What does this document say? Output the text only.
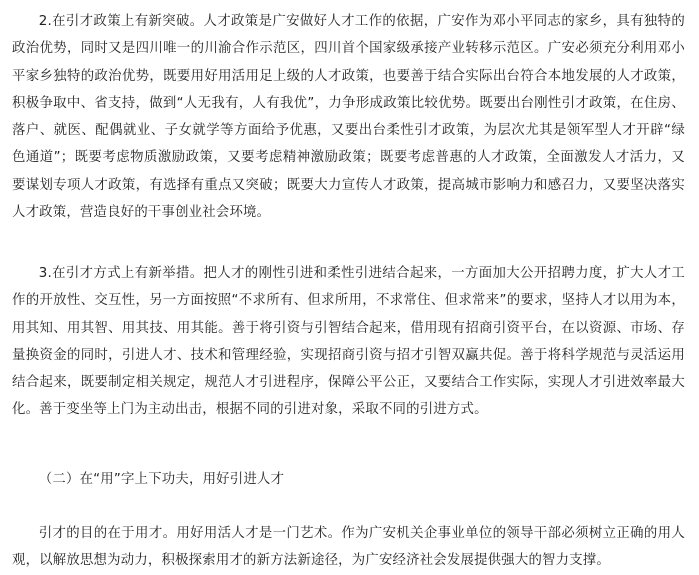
2.在引才政策上有新突破。人才政策是广安做好人才工作的依据，广安作为邓小平同志的家乡，具有独特的政治优势，同时又是四川唯一的川渝合作示范区，四川首个国家级承接产业转移示范区。广安必须充分利用邓小平家乡独特的政治优势，既要用好用活用足上级的人才政策，也要善于结合实际出台符合本地发展的人才政策，积极争取中、省支持，做到“人无我有，人有我优”，力争形成政策比较优势。既要出台刚性引才政策，在住房、落户、就医、配偶就业、子女就学等方面给予优惠，又要出台柔性引才政策，为层次尤其是领军型人才开辟“绿色通道”；既要考虑物质激励政策，又要考虑精神激励政策；既要考虑普惠的人才政策，全面激发人才活力，又要谋划专项人才政策，有选择有重点又突破；既要大力宣传人才政策，提高城市影响力和感召力，又要坚决落实人才政策，营造良好的干事创业社会环境。

3.在引才方式上有新举措。把人才的刚性引进和柔性引进结合起来，一方面加大公开招聘力度，扩大人才工作的开放性、交互性，另一方面按照“不求所有、但求所用，不求常住、但求常来”的要求，坚持人才以用为本，用其知、用其智、用其技、用其能。善于将引资与引智结合起来，借用现有招商引资平台，在以资源、市场、存量换资金的同时，引进人才、技术和管理经验，实现招商引资与招才引智双赢共促。善于将科学规范与灵活运用结合起来，既要制定相关规定，规范人才引进程序，保障公平公正，又要结合工作实际，实现人才引进效率最大化。善于变坐等上门为主动出击，根据不同的引进对象，采取不同的引进方式。

（二）在“用”字上下功夫，用好引进人才

引才的目的在于用才。用好用活人才是一门艺术。作为广安机关企事业单位的领导干部必须树立正确的用人观，以解放思想为动力，积极探索用才的新方法新途径，为广安经济社会发展提供强大的智力支撑。
